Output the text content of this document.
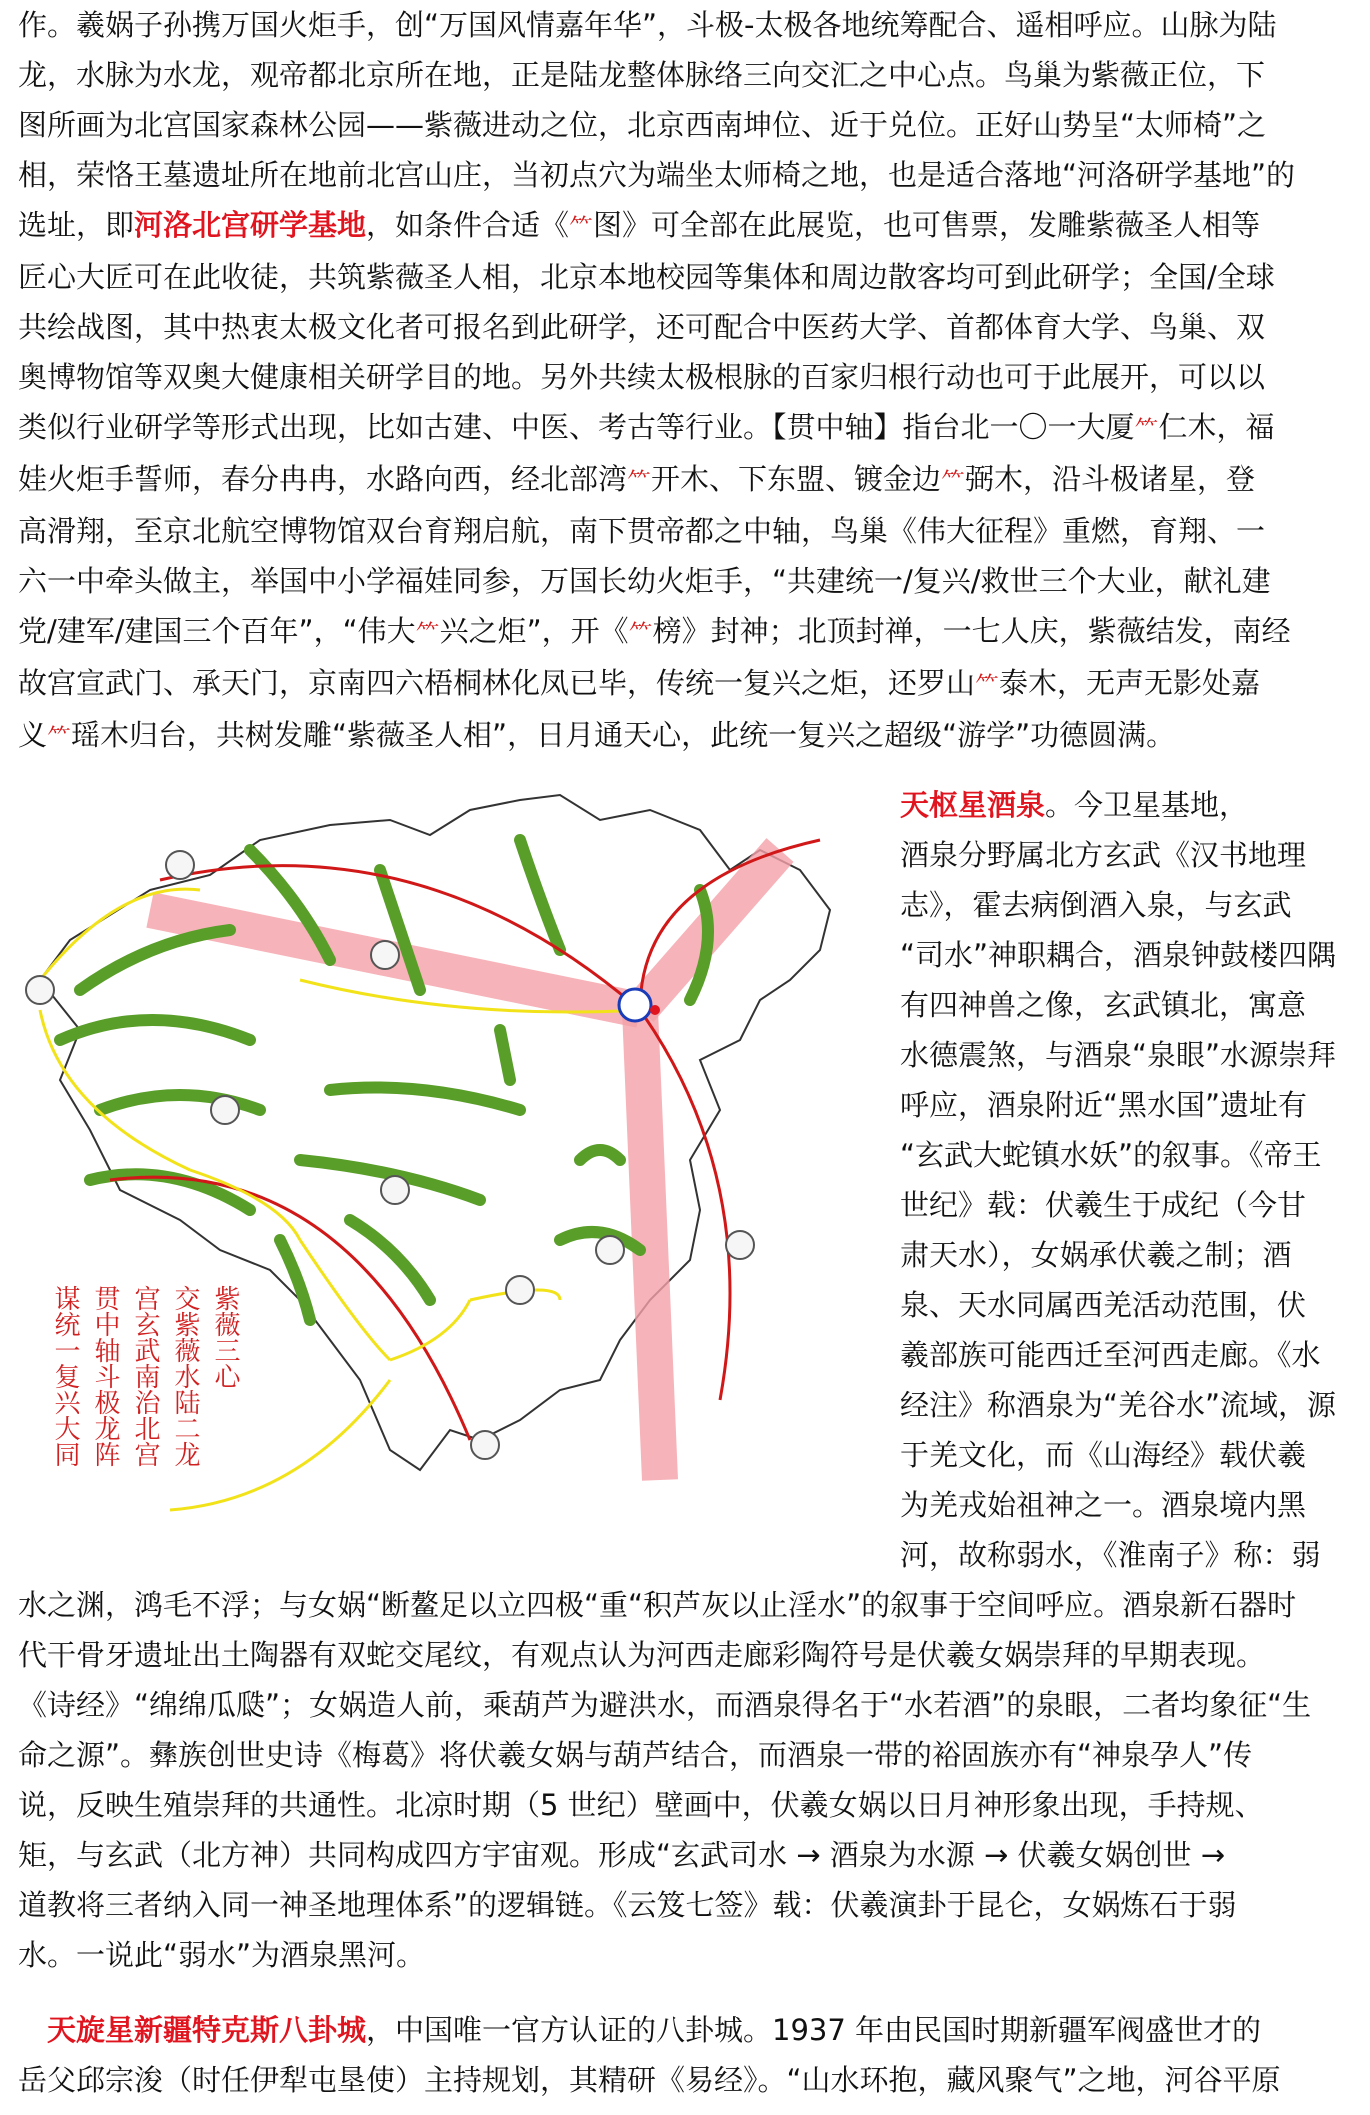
作。羲娲子孙携万国火炬手，创“万国风情嘉年华”，斗极-太极各地统筹配合、遥相呼应。山脉为陆
龙，水脉为水龙，观帝都北京所在地，正是陆龙整体脉络三向交汇之中心点。鸟巢为紫薇正位，下
图所画为北宫国家森林公园——紫薇进动之位，北京西南坤位、近于兑位。正好山势呈“太师椅”之
相，荣恪王墓遗址所在地前北宫山庄，当初点穴为端坐太师椅之地，也是适合落地“河洛研学基地”的
选址，即河洛北宫研学基地，如条件合适《⺮图》可全部在此展览，也可售票，发雕紫薇圣人相等
匠心大匠可在此收徒，共筑紫薇圣人相，北京本地校园等集体和周边散客均可到此研学；全国/全球
共绘战图，其中热衷太极文化者可报名到此研学，还可配合中医药大学、首都体育大学、鸟巢、双
奥博物馆等双奥大健康相关研学目的地。另外共续太极根脉的百家归根行动也可于此展开，可以以
类似行业研学等形式出现，比如古建、中医、考古等行业。【贯中轴】指台北一〇一大厦⺮仁木，福
娃火炬手誓师，春分冉冉，水路向西，经北部湾⺮开木、下东盟、镀金边⺮弼木，沿斗极诸星，登
高滑翔，至京北航空博物馆双台育翔启航，南下贯帝都之中轴，鸟巢《伟大征程》重燃，育翔、一
六一中牵头做主，举国中小学福娃同参，万国长幼火炬手，“共建统一/复兴/救世三个大业，献礼建
党/建军/建国三个百年”，“伟大⺮兴之炬”，开《⺮榜》封神；北顶封禅，一七人庆，紫薇结发，南经
故宫宣武门、承天门，京南四六梧桐林化凤已毕，传统一复兴之炬，还罗山⺮泰木，无声无影处嘉
义⺮瑶木归台，共树发雕“紫薇圣人相”，日月通天心，此统一复兴之超级“游学”功德圆满。
紫薇三心
交紫薇水陆二龙
宫玄武南治北宫
贯中轴斗极龙阵
谋统一复兴大同
天枢星酒泉。今卫星基地，
酒泉分野属北方玄武《汉书地理
志》，霍去病倒酒入泉，与玄武
“司水”神职耦合，酒泉钟鼓楼四隅
有四神兽之像，玄武镇北，寓意
水德震煞，与酒泉“泉眼”水源崇拜
呼应，酒泉附近“黑水国”遗址有
“玄武大蛇镇水妖”的叙事。《帝王
世纪》载：伏羲生于成纪（今甘
肃天水），女娲承伏羲之制；酒
泉、天水同属西羌活动范围，伏
羲部族可能西迁至河西走廊。《水
经注》称酒泉为“羌谷水”流域，源
于羌文化，而《山海经》载伏羲
为羌戎始祖神之一。酒泉境内黑
河，故称弱水，《淮南子》称：弱
水之渊，鸿毛不浮；与女娲“断鳌足以立四极“重“积芦灰以止淫水”的叙事于空间呼应。酒泉新石器时
代干骨牙遗址出土陶器有双蛇交尾纹，有观点认为河西走廊彩陶符号是伏羲女娲崇拜的早期表现。
《诗经》“绵绵瓜瓞”；女娲造人前，乘葫芦为避洪水，而酒泉得名于“水若酒”的泉眼，二者均象征“生
命之源”。彝族创世史诗《梅葛》将伏羲女娲与葫芦结合，而酒泉一带的裕固族亦有“神泉孕人”传
说，反映生殖崇拜的共通性。北凉时期（5 世纪）壁画中，伏羲女娲以日月神形象出现，手持规、
矩，与玄武（北方神）共同构成四方宇宙观。形成“玄武司水 → 酒泉为水源 → 伏羲女娲创世 →
道教将三者纳入同一神圣地理体系”的逻辑链。《云笈七签》载：伏羲演卦于昆仑，女娲炼石于弱
水。一说此“弱水”为酒泉黑河。
　天旋星新疆特克斯八卦城，中国唯一官方认证的八卦城。1937 年由民国时期新疆军阀盛世才的
岳父邱宗浚（时任伊犁屯垦使）主持规划，其精研《易经》。“山水环抱，藏风聚气”之地，河谷平原
